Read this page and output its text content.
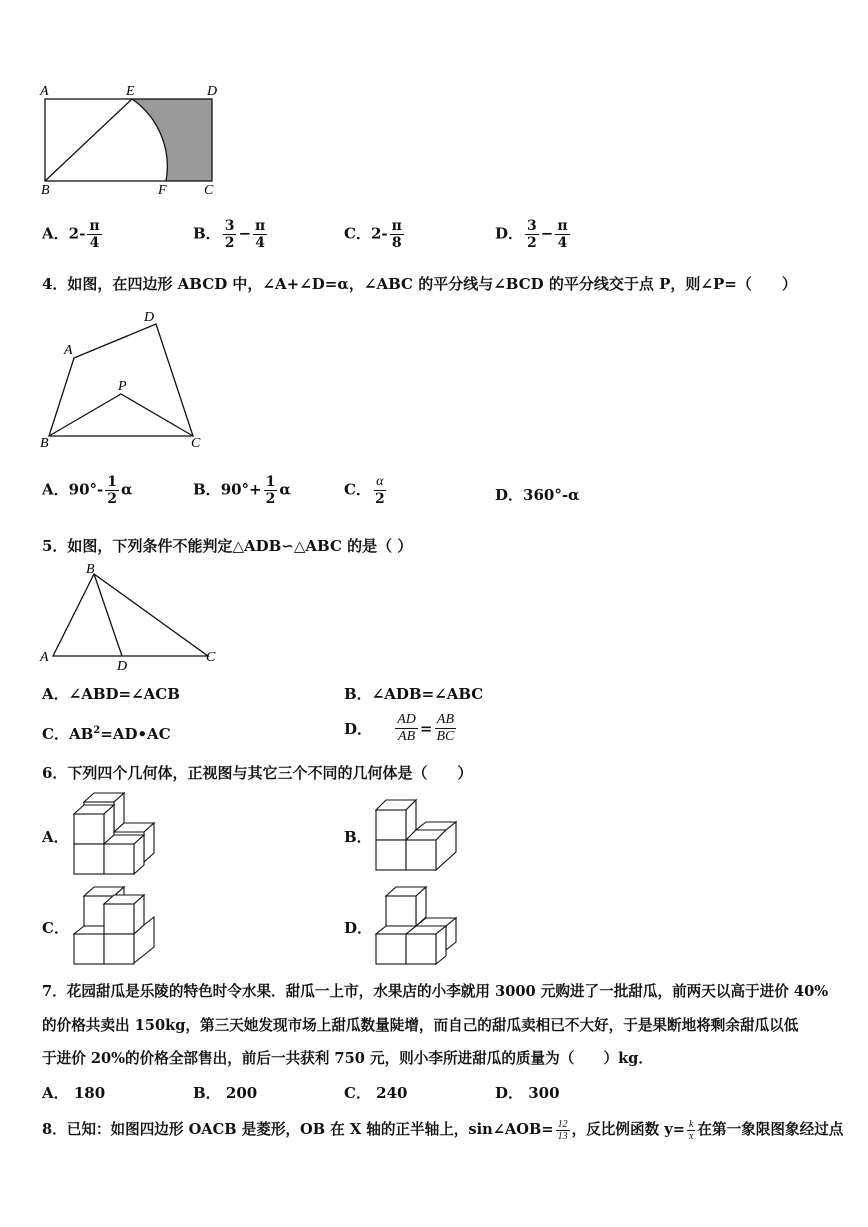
A	E	D
B	F	C
A．$2- \frac{\pi}{4}$	B． $\frac{3}{2} - \frac{\pi}{4}$	C．$2- \frac{\pi}{8}$	D． $\frac{3}{2} - \frac{\pi}{4}$
4．如图，在四边形 ABCD 中，∠A+∠D=α，∠ABC 的平分线与∠BCD 的平分线交于点 P，则∠P=（　　）
A
D
P
B	C
A．$90^\circ- \frac{1}{2}$ α	B．$90^\circ+ \frac{1}{2}$ α	C． $\frac{\alpha}{2}$	D．360°-α
5．如图，下列条件不能判定△ADB∽△ABC 的是（ ）
B
A
D
C
A．∠ABD=∠ACB	B．∠ADB=∠ABC
C．$AB^2=AD•AC$	D． $\frac{AD}{AB} = \frac{AB}{BC}$
6．下列四个几何体，正视图与其它三个不同的几何体是（　　）
A．	B．
C．	D．
7．花园甜瓜是乐陵的特色时令水果．甜瓜一上市，水果店的小李就用 3000 元购进了一批甜瓜，前两天以高于进价 40%
的价格共卖出 150kg，第三天她发现市场上甜瓜数量陡增，而自己的甜瓜卖相已不大好，于是果断地将剩余甜瓜以低
于进价 20%的价格全部售出，前后一共获利 750 元，则小李所进甜瓜的质量为（　　）kg．
A． 180	B． 200	C． 240	D． 300
8．已知：如图四边形 OACB 是菱形，OB 在 X 轴的正半轴上，sin∠AOB= $\frac{12}{13}$ ，反比例函数 $y= \frac{k}{x}$ 在第一象限图象经过点
